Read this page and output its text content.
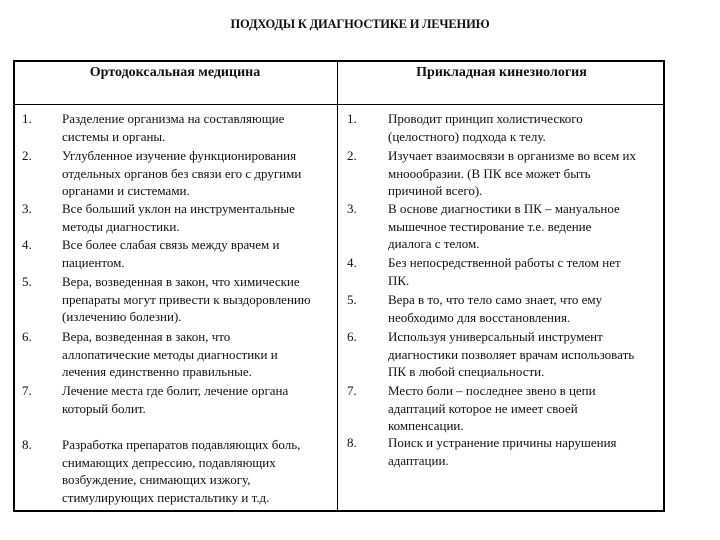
ПОДХОДЫ К ДИАГНОСТИКЕ И ЛЕЧЕНИЮ
Ортодоксальная медицина	Прикладная кинезиология
1. Разделение организма на составляющие
системы и органы.
2. Углубленное изучение функционирования
отдельных органов без связи его с другими
органами и системами.
3. Все больший уклон на инструментальные
методы диагностики.
4. Все более слабая связь между врачем и
пациентом.
5. Вера, возведенная в закон, что химические
препараты могут привести к выздоровлению
(излечению болезни).
6. Вера, возведенная в закон, что
аллопатические методы диагностики и
лечения единственно правильные.
7. Лечение места где болит, лечение органа
который болит.
8. Разработка препаратов подавляющих боль,
снимающих депрессию, подавляющих
возбуждение, снимающих изжогу,
стимулирующих перистальтику и т.д.
1. Проводит принцип холистического
(целостного) подхода к телу.
2. Изучает взаимосвязи в организме во всем их
мноообразии. (В ПК все может быть
причиной всего).
3. В основе диагностики в ПК – мануальное
мышечное тестирование т.е. ведение
диалога с телом.
4. Без непосредственной работы с телом нет
ПК.
5. Вера в то, что тело само знает, что ему
необходимо для восстановления.
6. Используя универсальный инструмент
диагностики позволяет врачам использовать
ПК в любой специальности.
7. Место боли – последнее звено в цепи
адаптаций которое не имеет своей
компенсации.
8. Поиск и устранение причины нарушения
адаптации.
